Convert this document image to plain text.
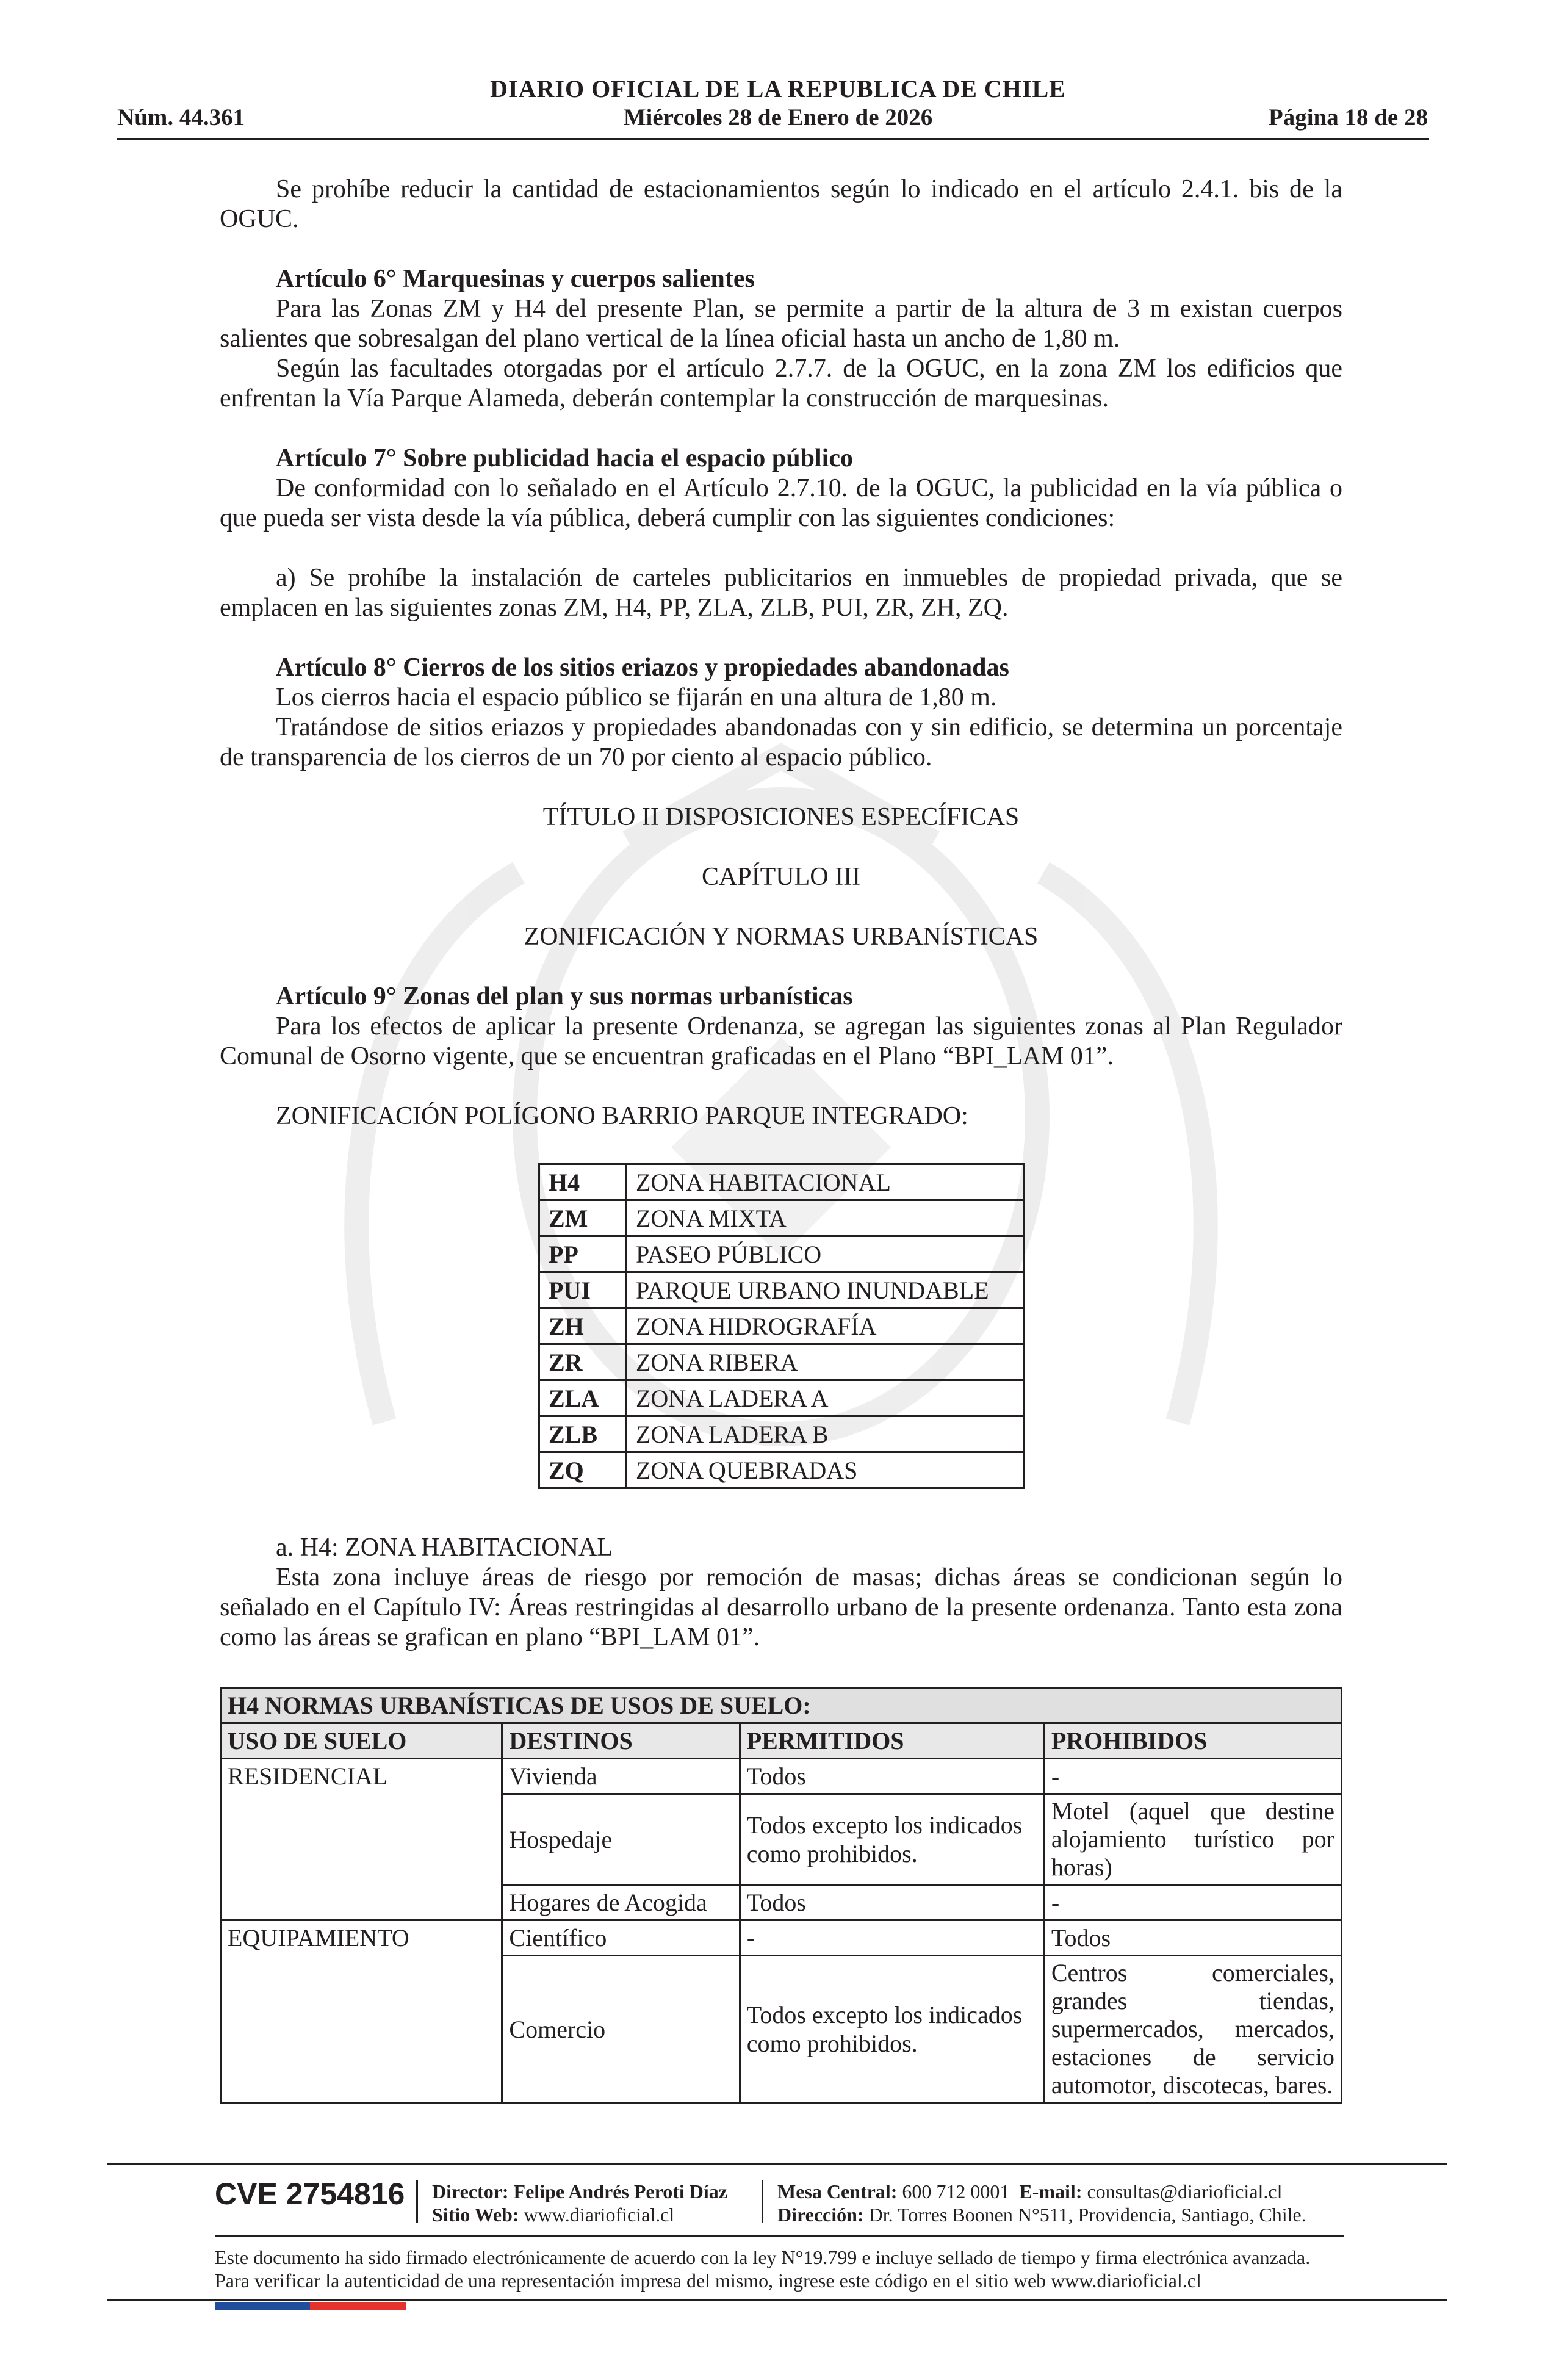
DIARIO OFICIAL DE LA REPUBLICA DE CHILE
Núm. 44.361	Miércoles 28 de Enero de 2026	Página 18 de 28

Se prohíbe reducir la cantidad de estacionamientos según lo indicado en el artículo 2.4.1. bis de la OGUC.

Artículo 6° Marquesinas y cuerpos salientes

Para las Zonas ZM y H4 del presente Plan, se permite a partir de la altura de 3 m existan cuerpos salientes que sobresalgan del plano vertical de la línea oficial hasta un ancho de 1,80 m.

Según las facultades otorgadas por el artículo 2.7.7. de la OGUC, en la zona ZM los edificios que enfrentan la Vía Parque Alameda, deberán contemplar la construcción de marquesinas.

Artículo 7° Sobre publicidad hacia el espacio público

De conformidad con lo señalado en el Artículo 2.7.10. de la OGUC, la publicidad en la vía pública o que pueda ser vista desde la vía pública, deberá cumplir con las siguientes condiciones:

a) Se prohíbe la instalación de carteles publicitarios en inmuebles de propiedad privada, que se emplacen en las siguientes zonas ZM, H4, PP, ZLA, ZLB, PUI, ZR, ZH, ZQ.

Artículo 8° Cierros de los sitios eriazos y propiedades abandonadas

Los cierros hacia el espacio público se fijarán en una altura de 1,80 m.

Tratándose de sitios eriazos y propiedades abandonadas con y sin edificio, se determina un porcentaje de transparencia de los cierros de un 70 por ciento al espacio público.

TÍTULO II DISPOSICIONES ESPECÍFICAS

CAPÍTULO III

ZONIFICACIÓN Y NORMAS URBANÍSTICAS

Artículo 9° Zonas del plan y sus normas urbanísticas

Para los efectos de aplicar la presente Ordenanza, se agregan las siguientes zonas al Plan Regulador Comunal de Osorno vigente, que se encuentran graficadas en el Plano “BPI_LAM 01”.

ZONIFICACIÓN POLÍGONO BARRIO PARQUE INTEGRADO:

H4	ZONA HABITACIONAL
ZM	ZONA MIXTA
PP	PASEO PÚBLICO
PUI	PARQUE URBANO INUNDABLE
ZH	ZONA HIDROGRAFÍA
ZR	ZONA RIBERA
ZLA	ZONA LADERA A
ZLB	ZONA LADERA B
ZQ	ZONA QUEBRADAS

a. H4: ZONA HABITACIONAL

Esta zona incluye áreas de riesgo por remoción de masas; dichas áreas se condicionan según lo señalado en el Capítulo IV: Áreas restringidas al desarrollo urbano de la presente ordenanza. Tanto esta zona como las áreas se grafican en plano “BPI_LAM 01”.

H4 NORMAS URBANÍSTICAS DE USOS DE SUELO:			
USO DE SUELO	DESTINOS	PERMITIDOS	PROHIBIDOS
RESIDENCIAL	Vivienda	Todos	-
	Hospedaje	Todos excepto los indicados como prohibidos.	Motel (aquel que destine alojamiento turístico por horas)
	Hogares de Acogida	Todos	-
EQUIPAMIENTO	Científico	-	Todos
	Comercio	Todos excepto los indicados como prohibidos.	Centros comerciales, grandes tiendas, supermercados, mercados, estaciones de servicio automotor, discotecas, bares.
CVE 2754816 Director: Felipe Andrés Peroti Díaz
Sitio Web: www.diarioficial.cl
Mesa Central: 600 712 0001 E-mail: consultas@diarioficial.cl
Dirección: Dr. Torres Boonen N°511, Providencia, Santiago, Chile.
Este documento ha sido firmado electrónicamente de acuerdo con la ley N°19.799 e incluye sellado de tiempo y firma electrónica avanzada. Para verificar la autenticidad de una representación impresa del mismo, ingrese este código en el sitio web www.diarioficial.cl
